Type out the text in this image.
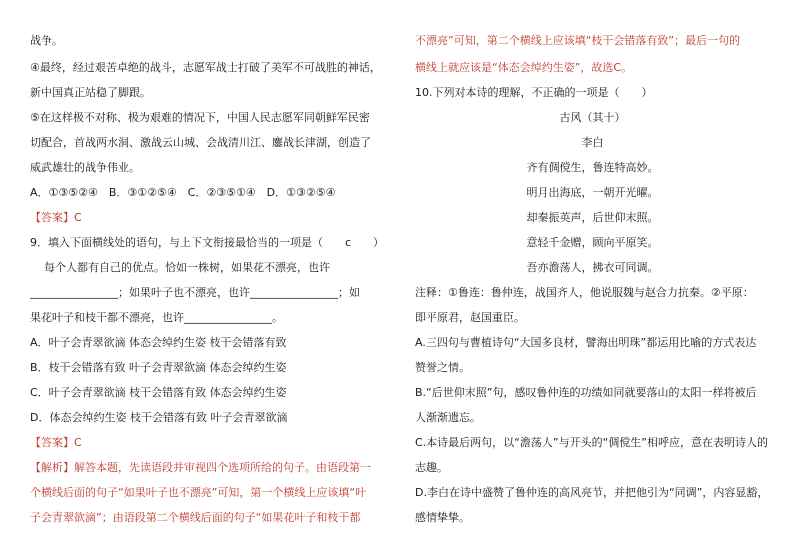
战争。
④最终，经过艰苦卓绝的战斗，志愿军战士打破了美军不可战胜的神话，
新中国真正站稳了脚跟。
⑤在这样极不对称、极为艰难的情况下，中国人民志愿军同朝鲜军民密
切配合，首战两水洞、激战云山城、会战清川江、鏖战长津湖，创造了
威武雄壮的战争伟业。
A．①③⑤②④　B．③①②⑤④　C．②③⑤①④　D．①③②⑤④
【答案】C
9．填入下面横线处的语句，与上下文衔接最恰当的一项是（　　c　　）
每个人都有自己的优点。恰如一株树，如果花不漂亮，也许
________________；如果叶子也不漂亮，也许________________；如
果花叶子和枝干都不漂亮，也许________________。
A．叶子会青翠欲滴 体态会绰约生姿 枝干会错落有致
B．枝干会错落有致 叶子会青翠欲滴 体态会绰约生姿
C．叶子会青翠欲滴 枝干会错落有致 体态会绰约生姿
D．体态会绰约生姿 枝干会错落有致 叶子会青翠欲滴
【答案】C
【解析】解答本题，先读语段并审视四个选项所给的句子。由语段第一
个横线后面的句子“如果叶子也不漂亮”可知，第一个横线上应该填“叶
子会青翠欲滴”；由语段第二个横线后面的句子“如果花叶子和枝干都
不漂亮”可知，第二个横线上应该填“枝干会错落有致”；最后一句的
横线上就应该是“体态会绰约生姿”，故选C。
10.下列对本诗的理解，不正确的一项是（　　）
古风（其十）
李白
齐有倜傥生，鲁连特高妙。
明月出海底，一朝开光曜。
却秦振英声，后世仰末照。
意轻千金赠，顾向平原笑。
吾亦澹荡人，拂衣可同调。
注释：①鲁连：鲁仲连，战国齐人，他说服魏与赵合力抗秦。②平原：
即平原君，赵国重臣。
A.三四句与曹植诗句“大国多良材，譬海出明珠”都运用比喻的方式表达
赞誉之情。
B.“后世仰末照”句，感叹鲁仲连的功绩如同就要落山的太阳一样将被后
人渐渐遗忘。
C.本诗最后两句，以“澹荡人”与开头的“倜傥生”相呼应，意在表明诗人的
志趣。
D.李白在诗中盛赞了鲁仲连的高风亮节，并把他引为“同调”，内容显豁，
感情挚挚。
